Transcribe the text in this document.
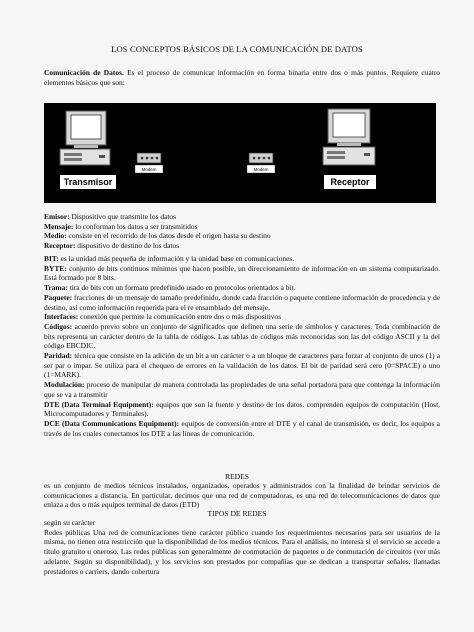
LOS CONCEPTOS BÁSICOS DE LA COMUNICACIÓN DE DATOS

Comunicación de Datos. Es el proceso de comunicar información en forma binaria entre dos o más puntos. Requiere cuatro elementos básicos que son:

Transmisor
Modem	Modem
Receptor

Emisor: Dispositivo que transmite los datos

Mensaje: lo conforman los datos a ser transmitidos

Medio: consiste en el recorrido de los datos desde el origen hasta su destino

Receptor: dispositivo de destino de los datos

BIT: es la unidad más pequeña de información y la unidad base en comunicaciones.

BYTE: conjunto de bits continuos mínimos que hacen posible, un direccionamiento de información en un sistema computarizado. Está formado por 8 bits.

Trama: tira de bits con un formato predefinido usado en protocolos orientados a bit.

Paquete: fracciones de un mensaje de tamaño predefinido, donde cada fracción o paquete contiene información de procedencia y de destino, así como información requerida para el re ensamblado del mensaje.

Interfaces: conexión que permite la comunicación entre dos o más dispositivos

Códigos: acuerdo previo sobre un conjunto de significados que definen una serie de símbolos y caracteres. Toda combinación de bits representa un carácter dentro de la tabla de códigos. Las tablas de códigos más reconocidas son las del código ASCII y la del código EBCDIC.

Paridad: técnica que consiste en la adición de un bit a un carácter o a un bloque de caracteres para forzar al conjunto de unos (1) a ser par o impar. Se utiliza para el chequeo de errores en la validación de los datos. El bit de paridad será cero (0=SPACE) o uno (1=MARK).

Modulación: proceso de manipular de manera controlada las propiedades de una señal portadora para que contenga la información que se va a transmitir

DTE (Data Terminal Equipment): equipos que son la fuente y destino de los datos. comprenden equipos de computación (Host, Microcomputadores y Terminales).

DCE (Data Communications Equipment): equipos de conversión entre el DTE y el canal de transmisión, es decir, los equipos a través de los cuales conectamos los DTE a las líneas de comunicación.

REDES

es un conjunto de medios técnicos instalados, organizados, operados y administrados con la finalidad de brindar servicios de comunicaciones a distancia. En particular, decimos que una red de computadoras, es una red de telecomunicaciones de datos que enlaza a dos o más equipos terminal de datos (ETD)

TIPOS DE REDES

según su carácter

Redes públicas Una red de comunicaciones tiene carácter público cuando los requerimientos necesarios para ser usuarios de la misma, no tienen otra restricción que la disponibilidad de los medios técnicos. Para el análisis, no interesa si el servicio se accede a título gratuito u oneroso. Las redes públicas son generalmente de conmutación de paquetes o de conmutación de circuitos (ver más adelante. Según su disponibilidad), y los servicios son prestados por compañías que se dedican a transportar señales, llamadas prestadores o carriers, dando cobertura
